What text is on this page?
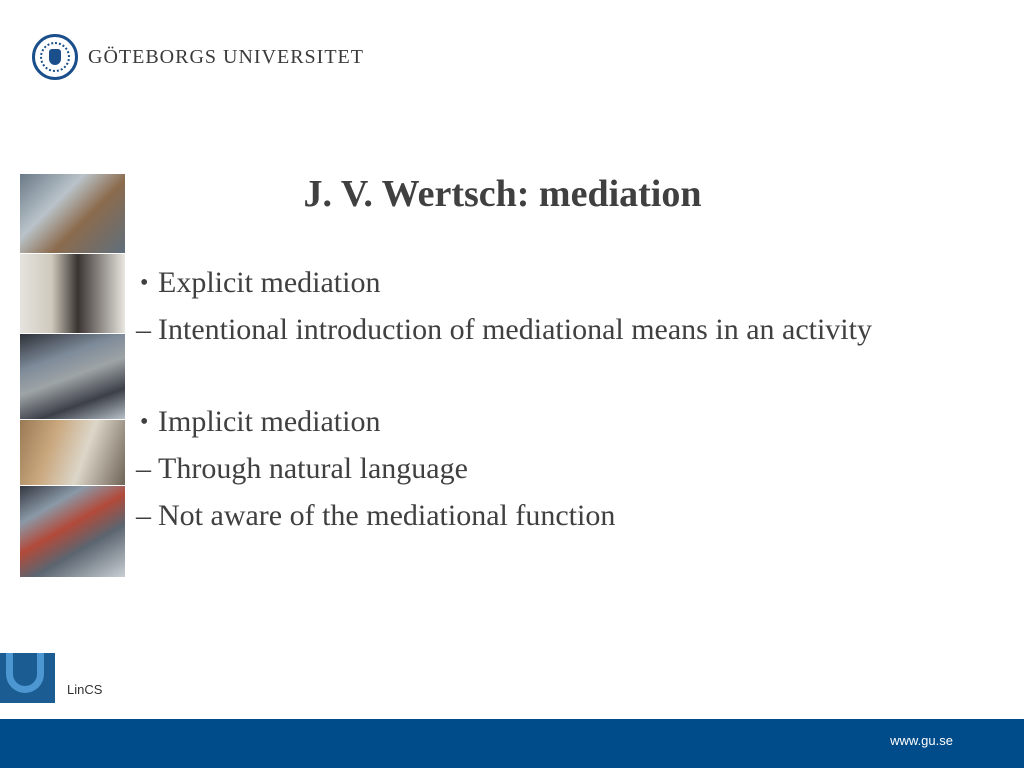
GÖTEBORGS UNIVERSITET
J. V. Wertsch: mediation
• Explicit mediation
– Intentional introduction of mediational means in an activity
• Implicit mediation
– Through natural language
– Not aware of the mediational function
LinCS
www.gu.se
